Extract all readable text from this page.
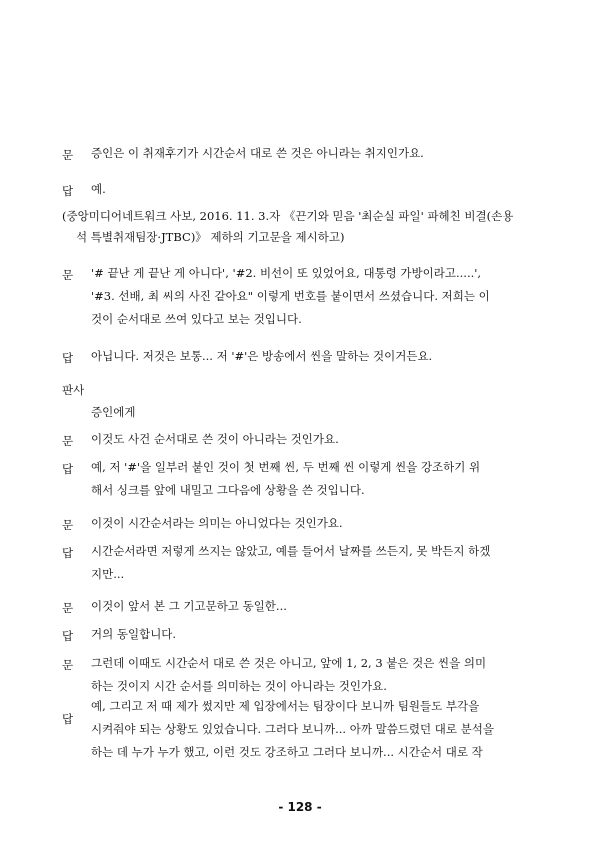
문 증인은 이 취재후기가 시간순서 대로 쓴 것은 아니라는 취지인가요.
답 예.
(중앙미디어네트워크 사보, 2016. 11. 3.자 《끈기와 믿음 '최순실 파일' 파헤친 비결(손용
석 특별취재팀장·JTBC)》 제하의 기고문을 제시하고)
문 '# 끝난 게 끝난 게 아니다', '#2. 비선이 또 있었어요, 대통령 가방이라고.....',
'#3. 선배, 최 씨의 사진 같아요" 이렇게 번호를 붙이면서 쓰셨습니다. 저희는 이
것이 순서대로 쓰여 있다고 보는 것입니다.
답 아닙니다. 저것은 보통... 저 '#'은 방송에서 씬을 말하는 것이거든요.
판사
증인에게
문 이것도 사건 순서대로 쓴 것이 아니라는 것인가요.
답 예, 저 '#'을 일부러 붙인 것이 첫 번째 씬, 두 번째 씬 이렇게 씬을 강조하기 위
해서 싱크를 앞에 내밀고 그다음에 상황을 쓴 것입니다.
문 이것이 시간순서라는 의미는 아니었다는 것인가요.
답 시간순서라면 저렇게 쓰지는 않았고, 예를 들어서 날짜를 쓰든지, 못 박든지 하겠
지만...
문 이것이 앞서 본 그 기고문하고 동일한...
답 거의 동일합니다.
문 그런데 이때도 시간순서 대로 쓴 것은 아니고, 앞에 1, 2, 3 붙은 것은 씬을 의미
하는 것이지 시간 순서를 의미하는 것이 아니라는 것인가요.
답
예, 그리고 저 때 제가 썼지만 제 입장에서는 팀장이다 보니까 팀원들도 부각을
시켜줘야 되는 상황도 있었습니다. 그러다 보니까... 아까 말씀드렸던 대로 분석을
하는 데 누가 누가 했고, 이런 것도 강조하고 그러다 보니까... 시간순서 대로 작
- 128 -
